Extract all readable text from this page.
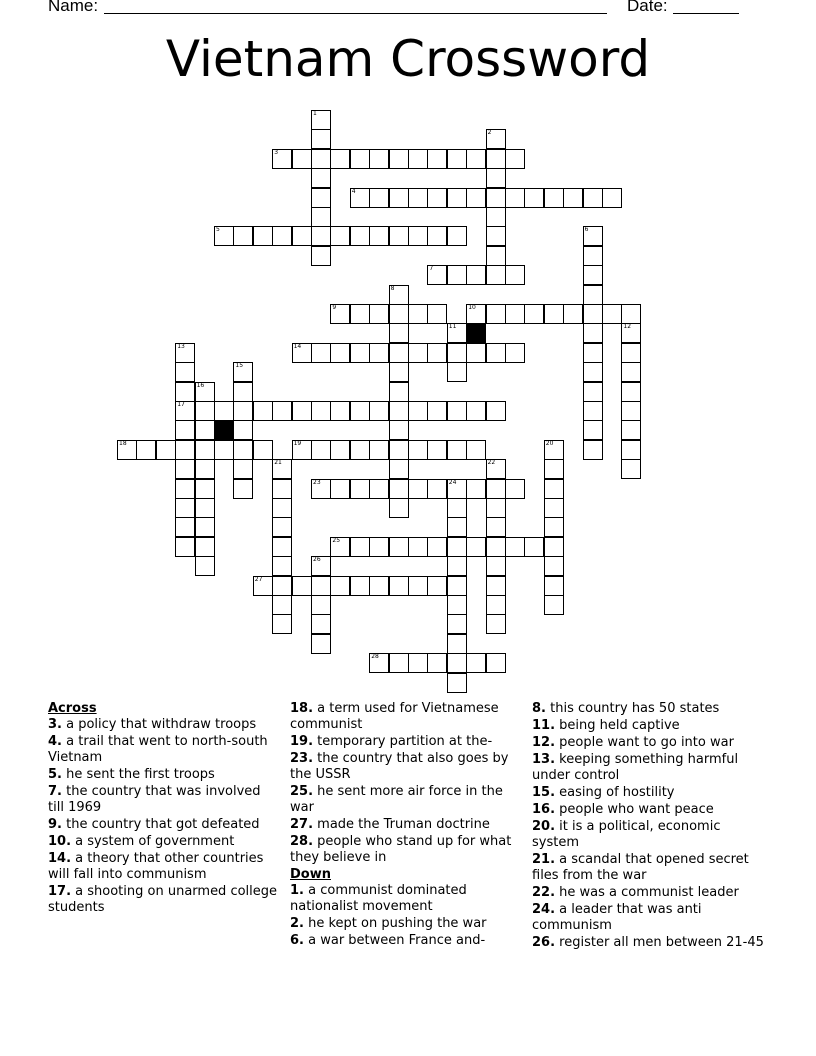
Name:	Date:
Vietnam Crossword
1
2
3
4
5	6
7
8
9	10
11	12
13
17
14
15
16
18	19	20
21	22
23	24
25
26
27
28
Across
3. a policy that withdraw troops
4. a trail that went to north-south Vietnam
5. he sent the first troops
7. the country that was involved till 1969
9. the country that got defeated
10. a system of government
14. a theory that other countries will fall into communism
17. a shooting on unarmed college students
18. a term used for Vietnamese communist
19. temporary partition at the-
23. the country that also goes by the USSR
25. he sent more air force in the war
27. made the Truman doctrine
28. people who stand up for what they believe in
Down
1. a communist dominated nationalist movement
2. he kept on pushing the war
6. a war between France and-
8. this country has 50 states
11. being held captive
12. people want to go into war
13. keeping something harmful under control
15. easing of hostility
16. people who want peace
20. it is a political, economic system
21. a scandal that opened secret files from the war
22. he was a communist leader
24. a leader that was anti communism
26. register all men between 21-45
